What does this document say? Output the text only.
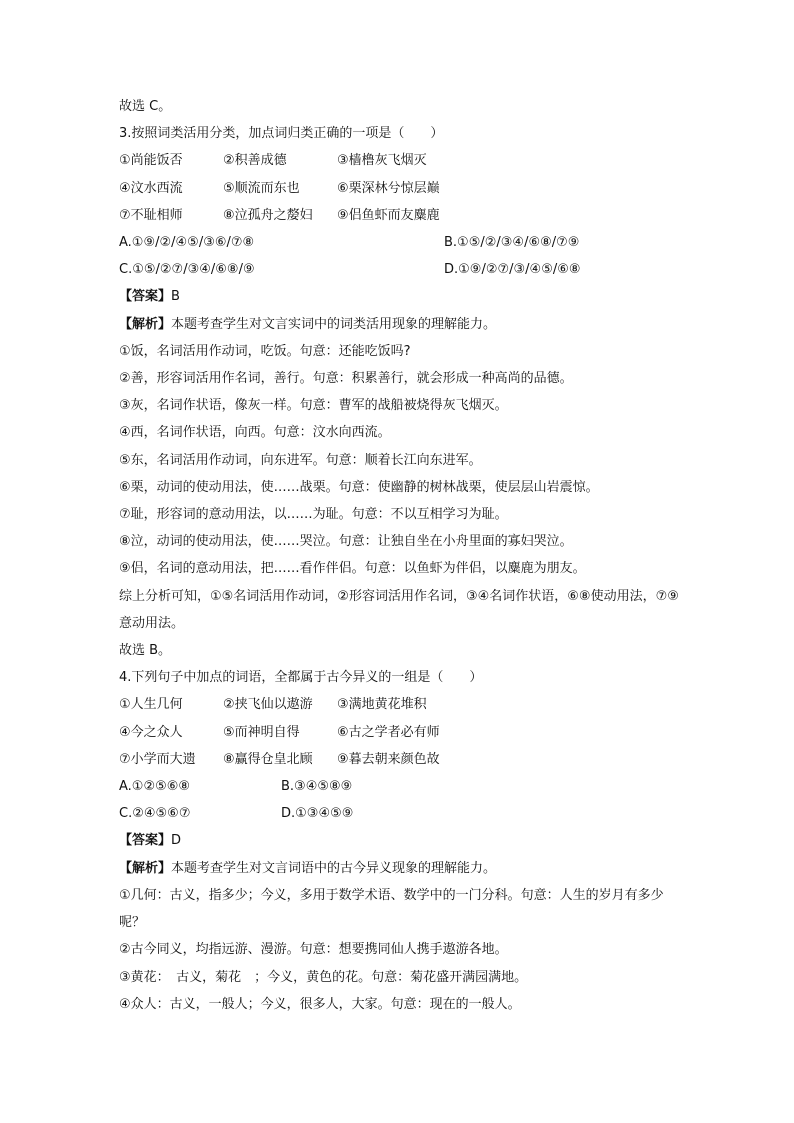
故选 C。
3.按照词类活用分类，加点词归类正确的一项是（　　）
①尚能饭否	②积善成德	③樯橹灰飞烟灭
④汶水西流	⑤顺流而东也	⑥栗深林兮惊层巅
⑦不耻相师	⑧泣孤舟之嫠妇	⑨侣鱼虾而友麋鹿
A.①⑨/②/④⑤/③⑥/⑦⑧	B.①⑤/②/③④/⑥⑧/⑦⑨
C.①⑤/②⑦/③④/⑥⑧/⑨	D.①⑨/②⑦/③/④⑤/⑥⑧
【答案】B
【解析】本题考查学生对文言实词中的词类活用现象的理解能力。
①饭，名词活用作动词，吃饭。句意：还能吃饭吗?
②善，形容词活用作名词，善行。句意：积累善行，就会形成一种高尚的品德。
③灰，名词作状语，像灰一样。句意：曹军的战船被烧得灰飞烟灭。
④西，名词作状语，向西。句意：汶水向西流。
⑤东，名词活用作动词，向东进军。句意：顺着长江向东进军。
⑥栗，动词的使动用法，使……战栗。句意：使幽静的树林战栗，使层层山岩震惊。
⑦耻，形容词的意动用法，以……为耻。句意：不以互相学习为耻。
⑧泣，动词的使动用法，使……哭泣。句意：让独自坐在小舟里面的寡妇哭泣。
⑨侣，名词的意动用法，把……看作伴侣。句意：以鱼虾为伴侣，以麋鹿为朋友。
综上分析可知，①⑤名词活用作动词，②形容词活用作名词，③④名词作状语，⑥⑧使动用法，⑦⑨意动用法。
故选 B。
4.下列句子中加点的词语，全都属于古今异义的一组是（　　）
①人生几何	②挟飞仙以遨游	③满地黄花堆积
④今之众人	⑤而神明自得	⑥古之学者必有师
⑦小学而大遗	⑧赢得仓皇北顾	⑨暮去朝来颜色故
A.①②⑤⑥⑧	B.③④⑤⑧⑨
C.②④⑤⑥⑦	D.①③④⑤⑨
【答案】D
【解析】本题考查学生对文言词语中的古今异义现象的理解能力。
①几何：古义，指多少；今义，多用于数学术语、数学中的一门分科。句意：人生的岁月有多少呢？
②古今同义，均指远游、漫游。句意：想要携同仙人携手遨游各地。
③黄花：　古义，菊花　；今义，黄色的花。句意：菊花盛开满园满地。
④众人：古义，一般人；今义，很多人，大家。句意：现在的一般人。
